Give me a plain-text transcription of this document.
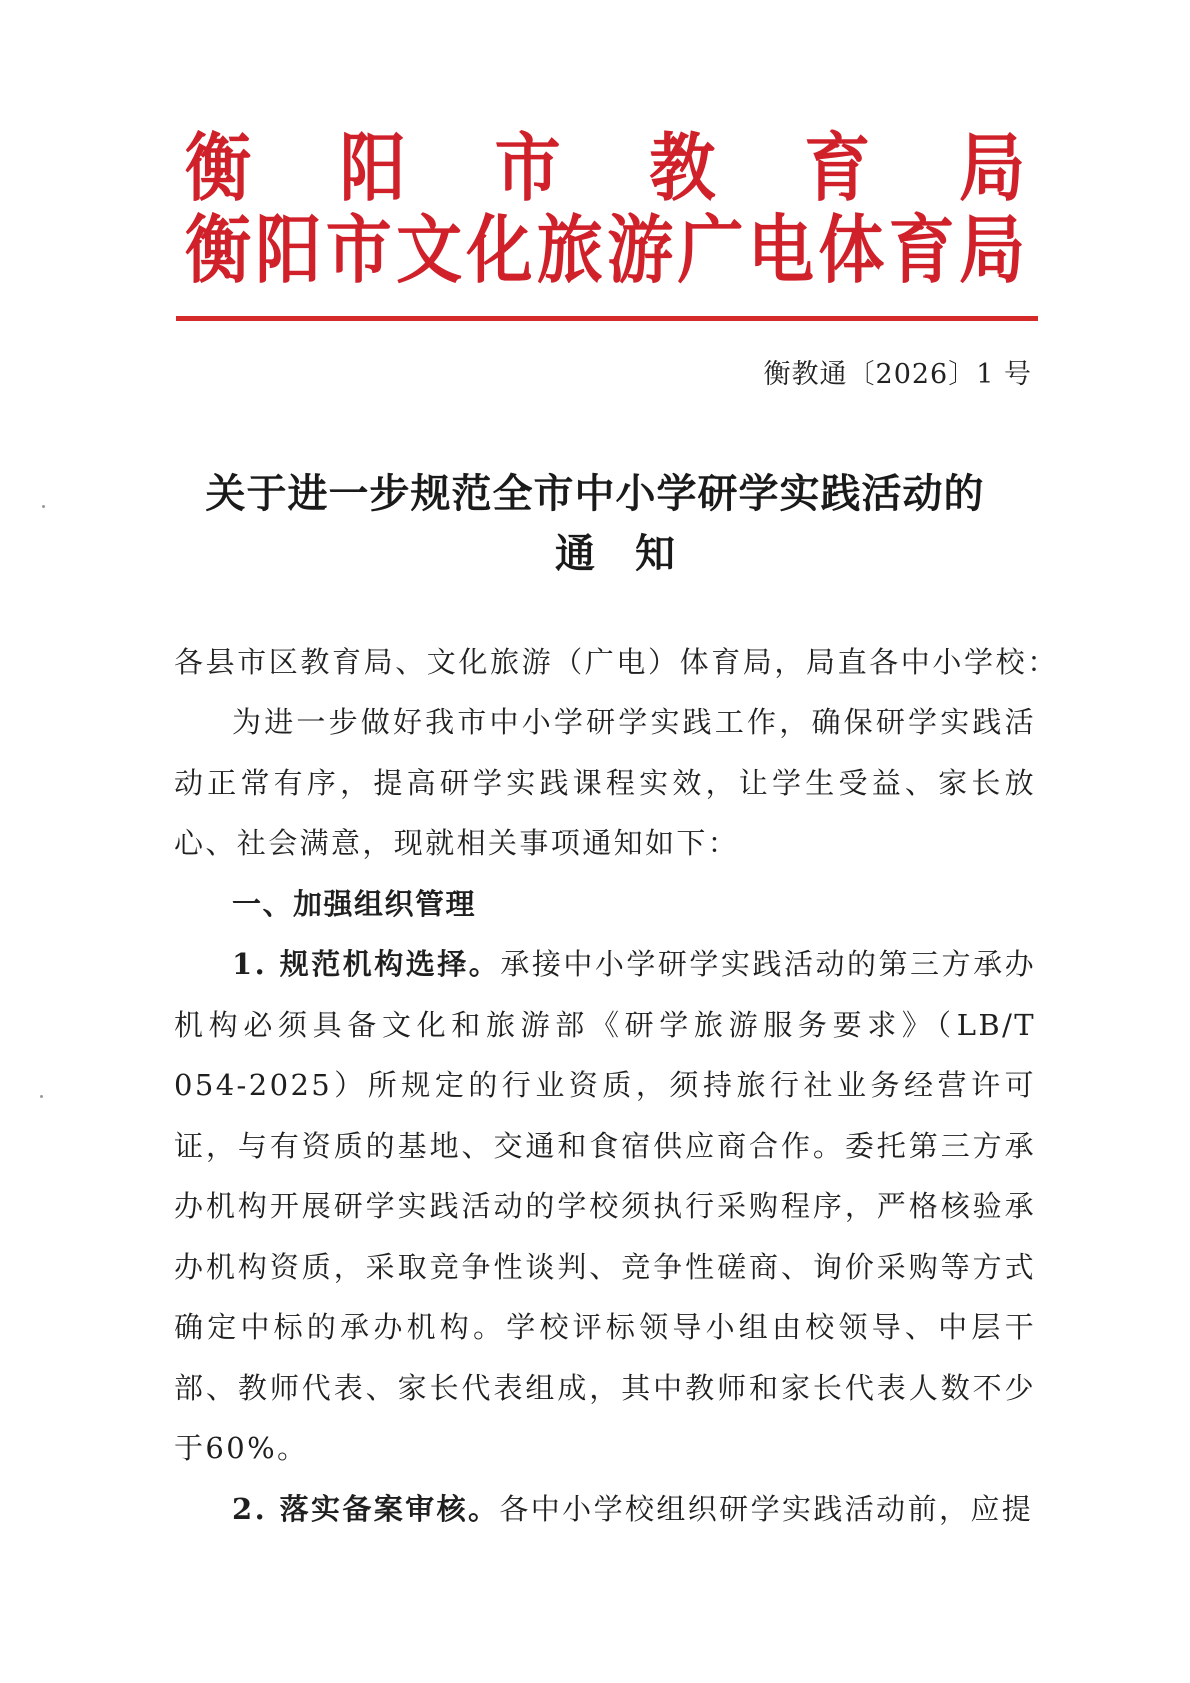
衡 阳 市 教 育 局
衡 阳 市 文 化 旅 游 广 电 体 育 局
衡教通〔2026〕1 号
关于进一步规范全市中小学研学实践活动的
通知
各县市区教育局、文化旅游（广电）体育局，局直各中小学校：

为进一步做好我市中小学研学实践工作，确保研学实践活动正常有序，提高研学实践课程实效，让学生受益、家长放心、社会满意，现就相关事项通知如下：

一、加强组织管理

1. 规范机构选择。承接中小学研学实践活动的第三方承办机构必须具备文化和旅游部《研学旅游服务要求》（LB/T 054-2025）所规定的行业资质，须持旅行社业务经营许可证，与有资质的基地、交通和食宿供应商合作。委托第三方承办机构开展研学实践活动的学校须执行采购程序，严格核验承办机构资质，采取竞争性谈判、竞争性磋商、询价采购等方式确定中标的承办机构。学校评标领导小组由校领导、中层干部、教师代表、家长代表组成，其中教师和家长代表人数不少于60%。

2. 落实备案审核。各中小学校组织研学实践活动前，应提
